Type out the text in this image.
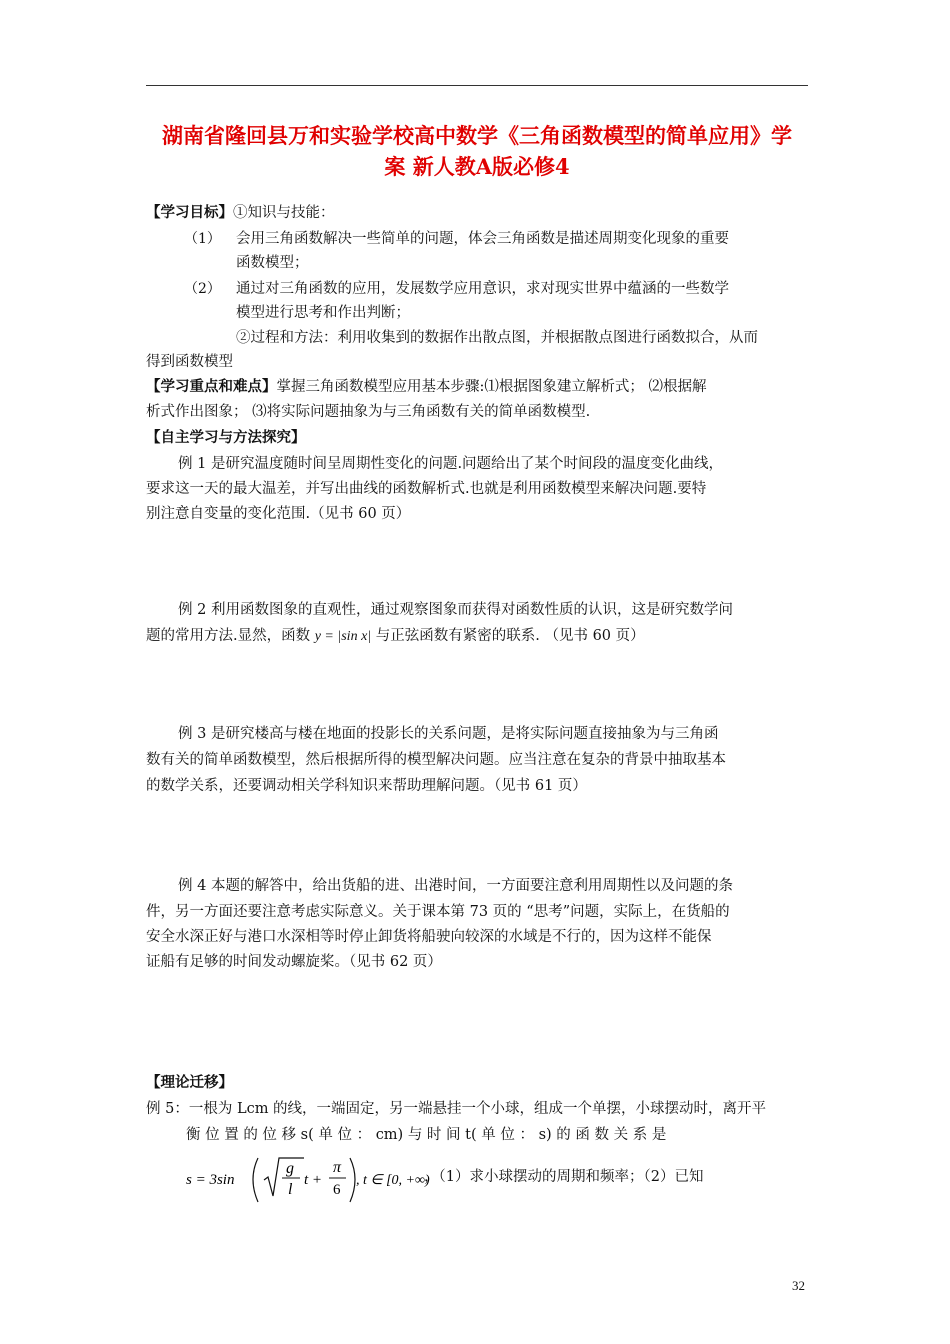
湖南省隆回县万和实验学校高中数学《三角函数模型的简单应用》学
案 新人教A版必修4
【学习目标】①知识与技能：
（1） 会用三角函数解决一些简单的问题，体会三角函数是描述周期变化现象的重要
函数模型；
（2） 通过对三角函数的应用，发展数学应用意识，求对现实世界中蕴涵的一些数学
模型进行思考和作出判断；
②过程和方法：利用收集到的数据作出散点图，并根据散点图进行函数拟合，从而
得到函数模型
【学习重点和难点】掌握三角函数模型应用基本步骤:⑴根据图象建立解析式； ⑵根据解
析式作出图象； ⑶将实际问题抽象为与三角函数有关的简单函数模型.
【自主学习与方法探究】
例 1 是研究温度随时间呈周期性变化的问题.问题给出了某个时间段的温度变化曲线，
要求这一天的最大温差，并写出曲线的函数解析式.也就是利用函数模型来解决问题.要特
别注意自变量的变化范围.（见书 60 页）
例 2 利用函数图象的直观性，通过观察图象而获得对函数性质的认识，这是研究数学问
题的常用方法.显然，函数 y = |sin x| 与正弦函数有紧密的联系. （见书 60 页）
例 3 是研究楼高与楼在地面的投影长的关系问题，是将实际问题直接抽象为与三角函
数有关的简单函数模型，然后根据所得的模型解决问题。应当注意在复杂的背景中抽取基本
的数学关系，还要调动相关学科知识来帮助理解问题。（见书 61 页）
例 4 本题的解答中，给出货船的进、出港时间，一方面要注意利用周期性以及问题的条
件，另一方面还要注意考虑实际意义。关于课本第 73 页的 “思考”问题，实际上，在货船的
安全水深正好与港口水深相等时停止卸货将船驶向较深的水域是不行的，因为这样不能保
证船有足够的时间发动螺旋桨。（见书 62 页）
【理论迁移】
例 5：一根为 Lcm 的线，一端固定，另一端悬挂一个小球，组成一个单摆，小球摆动时，离开平
衡 位 置 的 位 移 s( 单 位 ： cm) 与 时 间 t( 单 位 ： s) 的 函 数 关 系 是
s = 3sin
g
l
t +
π
6
, t ∈ [0, +∞)
，（1）求小球摆动的周期和频率；（2）已知
32
